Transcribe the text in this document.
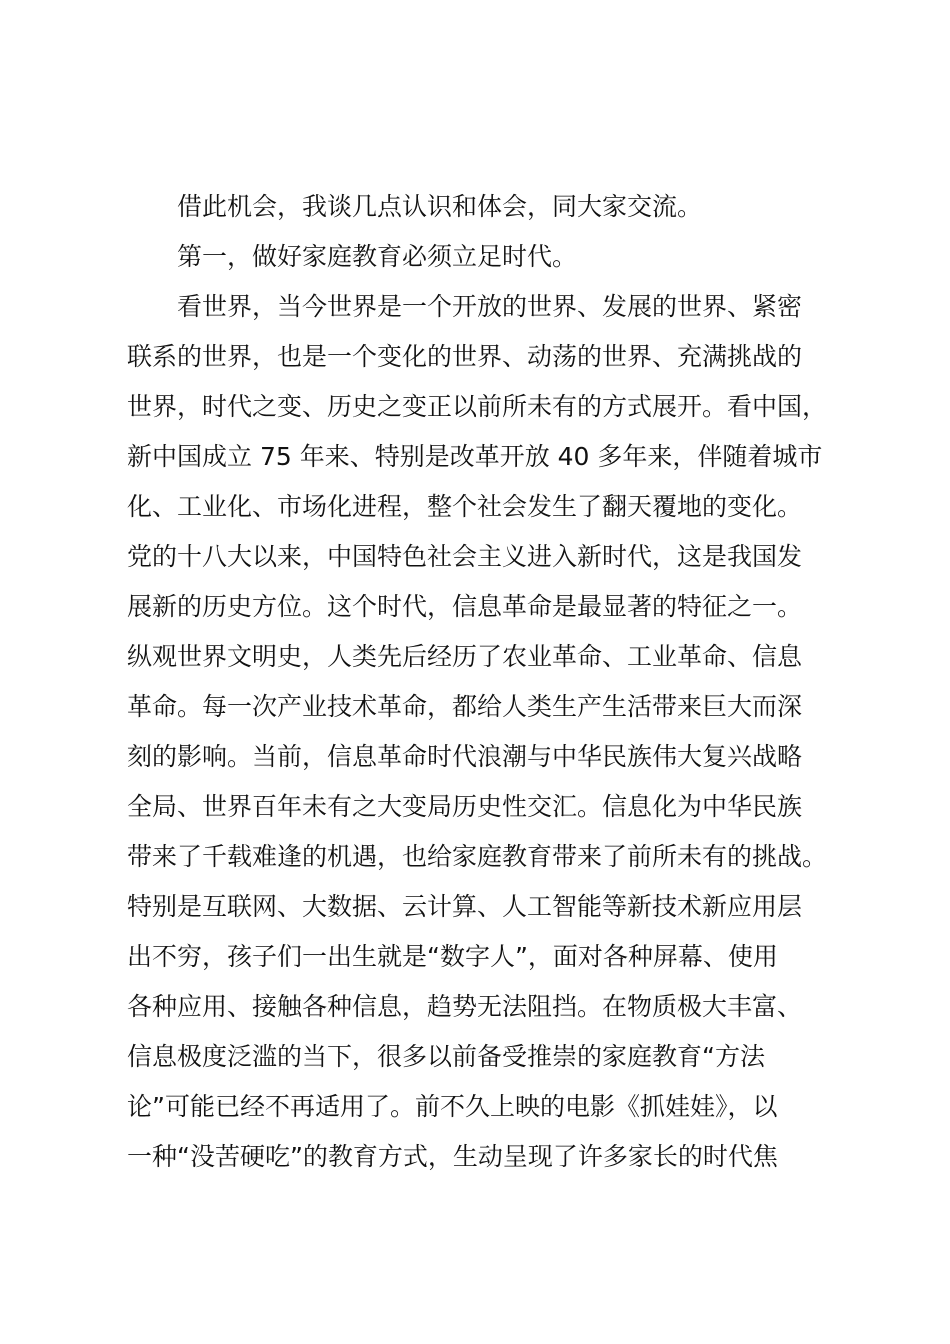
借此机会，我谈几点认识和体会，同大家交流。
第一，做好家庭教育必须立足时代。
看世界，当今世界是一个开放的世界、发展的世界、紧密
联系的世界，也是一个变化的世界、动荡的世界、充满挑战的
世界，时代之变、历史之变正以前所未有的方式展开。看中国，
新中国成立 75 年来、特别是改革开放 40 多年来，伴随着城市
化、工业化、市场化进程，整个社会发生了翻天覆地的变化。
党的十八大以来，中国特色社会主义进入新时代，这是我国发
展新的历史方位。这个时代，信息革命是最显著的特征之一。
纵观世界文明史，人类先后经历了农业革命、工业革命、信息
革命。每一次产业技术革命，都给人类生产生活带来巨大而深
刻的影响。当前，信息革命时代浪潮与中华民族伟大复兴战略
全局、世界百年未有之大变局历史性交汇。信息化为中华民族
带来了千载难逢的机遇，也给家庭教育带来了前所未有的挑战。
特别是互联网、大数据、云计算、人工智能等新技术新应用层
出不穷，孩子们一出生就是“数字人”，面对各种屏幕、使用
各种应用、接触各种信息，趋势无法阻挡。在物质极大丰富、
信息极度泛滥的当下，很多以前备受推崇的家庭教育“方法
论”可能已经不再适用了。前不久上映的电影《抓娃娃》，以
一种“没苦硬吃”的教育方式，生动呈现了许多家长的时代焦
